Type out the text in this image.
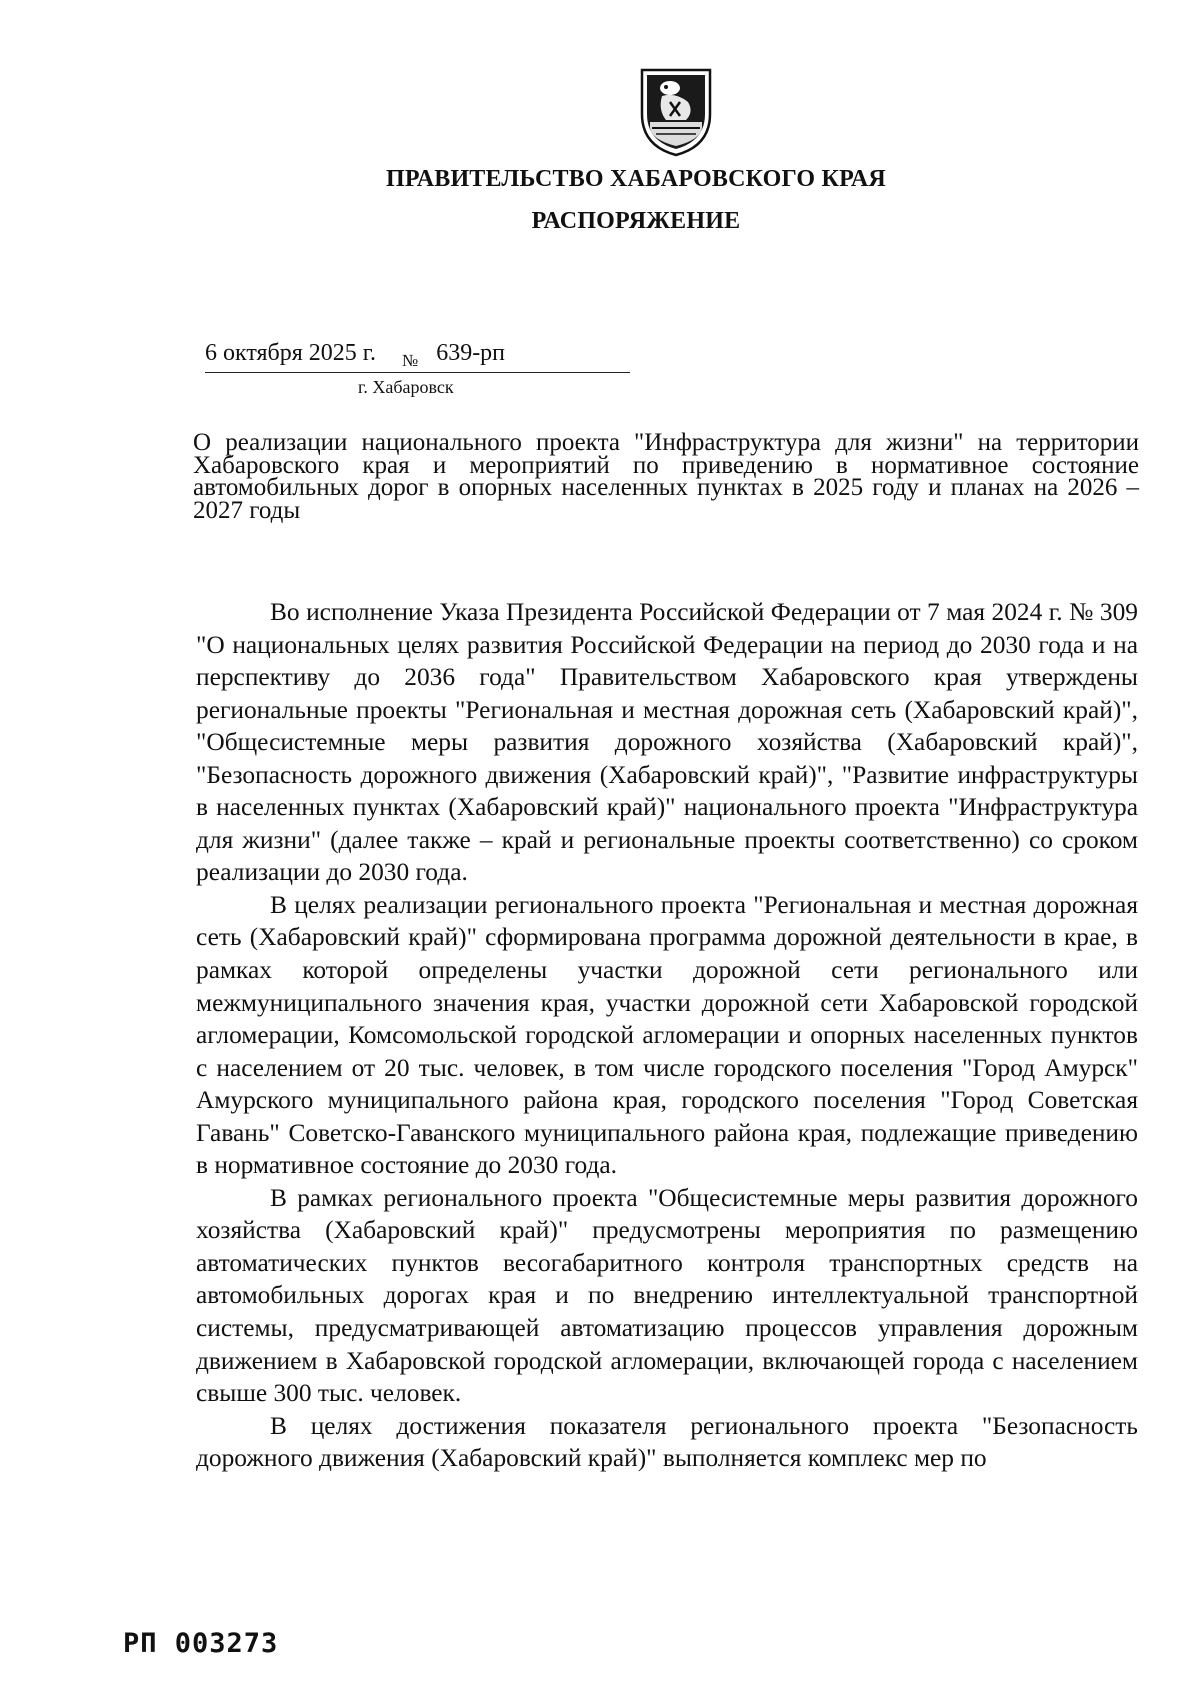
ПРАВИТЕЛЬСТВО ХАБАРОВСКОГО КРАЯ
РАСПОРЯЖЕНИЕ
6 октября 2025 г. $_№$ 639-рп
г. Хабаровск
О реализации национального проекта "Инфраструктура для жизни" на территории Хабаровского края и мероприятий по приведению в нормативное состояние автомобильных дорог в опорных населенных пунктах в 2025 году и планах на 2026 – 2027 годы

Во исполнение Указа Президента Российской Федерации от 7 мая 2024 г. № 309 "О национальных целях развития Российской Федерации на период до 2030 года и на перспективу до 2036 года" Правительством Хабаровского края утверждены региональные проекты "Региональная и местная дорожная сеть (Хабаровский край)", "Общесистемные меры развития дорожного хозяйства (Хабаровский край)", "Безопасность дорожного движения (Хабаровский край)", "Развитие инфраструктуры в населенных пунктах (Хабаровский край)" национального проекта "Инфраструктура для жизни" (далее также – край и региональные проекты соответственно) со сроком реализации до 2030 года.

В целях реализации регионального проекта "Региональная и местная дорожная сеть (Хабаровский край)" сформирована программа дорожной деятельности в крае, в рамках которой определены участки дорожной сети регионального или межмуниципального значения края, участки дорожной сети Хабаровской городской агломерации, Комсомольской городской агломерации и опорных населенных пунктов с населением от 20 тыс. человек, в том числе городского поселения "Город Амурск" Амурского муниципального района края, городского поселения "Город Советская Гавань" Советско-Гаванского муниципального района края, подлежащие приведению в нормативное состояние до 2030 года.

В рамках регионального проекта "Общесистемные меры развития дорожного хозяйства (Хабаровский край)" предусмотрены мероприятия по размещению автоматических пунктов весогабаритного контроля транспортных средств на автомобильных дорогах края и по внедрению интеллектуальной транспортной системы, предусматривающей автоматизацию процессов управления дорожным движением в Хабаровской городской агломерации, включающей города с населением свыше 300 тыс. человек.

В целях достижения показателя регионального проекта "Безопасность дорожного движения (Хабаровский край)" выполняется комплекс мер по

РП 003273
